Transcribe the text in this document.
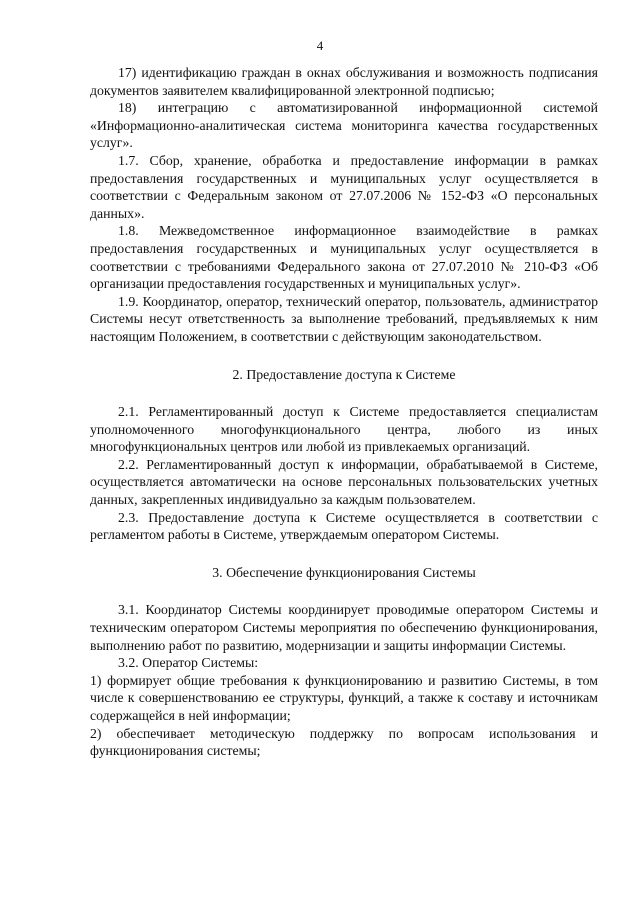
4

17) идентификацию граждан в окнах обслуживания и возможность подписания документов заявителем квалифицированной электронной подписью;

18) интеграцию с автоматизированной информационной системой «Информационно-аналитическая система мониторинга качества государственных услуг».

1.7. Сбор, хранение, обработка и предоставление информации в рамках предоставления государственных и муниципальных услуг осуществляется в соответствии с Федеральным законом от 27.07.2006 № 152-ФЗ «О персональных данных».

1.8. Межведомственное информационное взаимодействие в рамках предоставления государственных и муниципальных услуг осуществляется в соответствии с требованиями Федерального закона от 27.07.2010 № 210-ФЗ «Об организации предоставления государственных и муниципальных услуг».

1.9. Координатор, оператор, технический оператор, пользователь, администратор Системы несут ответственность за выполнение требований, предъявляемых к ним настоящим Положением, в соответствии с действующим законодательством.

2. Предоставление доступа к Системе

2.1. Регламентированный доступ к Системе предоставляется специалистам уполномоченного многофункционального центра, любого из иных многофункциональных центров или любой из привлекаемых организаций.

2.2. Регламентированный доступ к информации, обрабатываемой в Системе, осуществляется автоматически на основе персональных пользовательских учетных данных, закрепленных индивидуально за каждым пользователем.

2.3. Предоставление доступа к Системе осуществляется в соответствии с регламентом работы в Системе, утверждаемым оператором Системы.

3. Обеспечение функционирования Системы

3.1. Координатор Системы координирует проводимые оператором Системы и техническим оператором Системы мероприятия по обеспечению функционирования, выполнению работ по развитию, модернизации и защиты информации Системы.

3.2. Оператор Системы:

1) формирует общие требования к функционированию и развитию Системы, в том числе к совершенствованию ее структуры, функций, а также к составу и источникам содержащейся в ней информации;

2) обеспечивает методическую поддержку по вопросам использования и функционирования системы;
